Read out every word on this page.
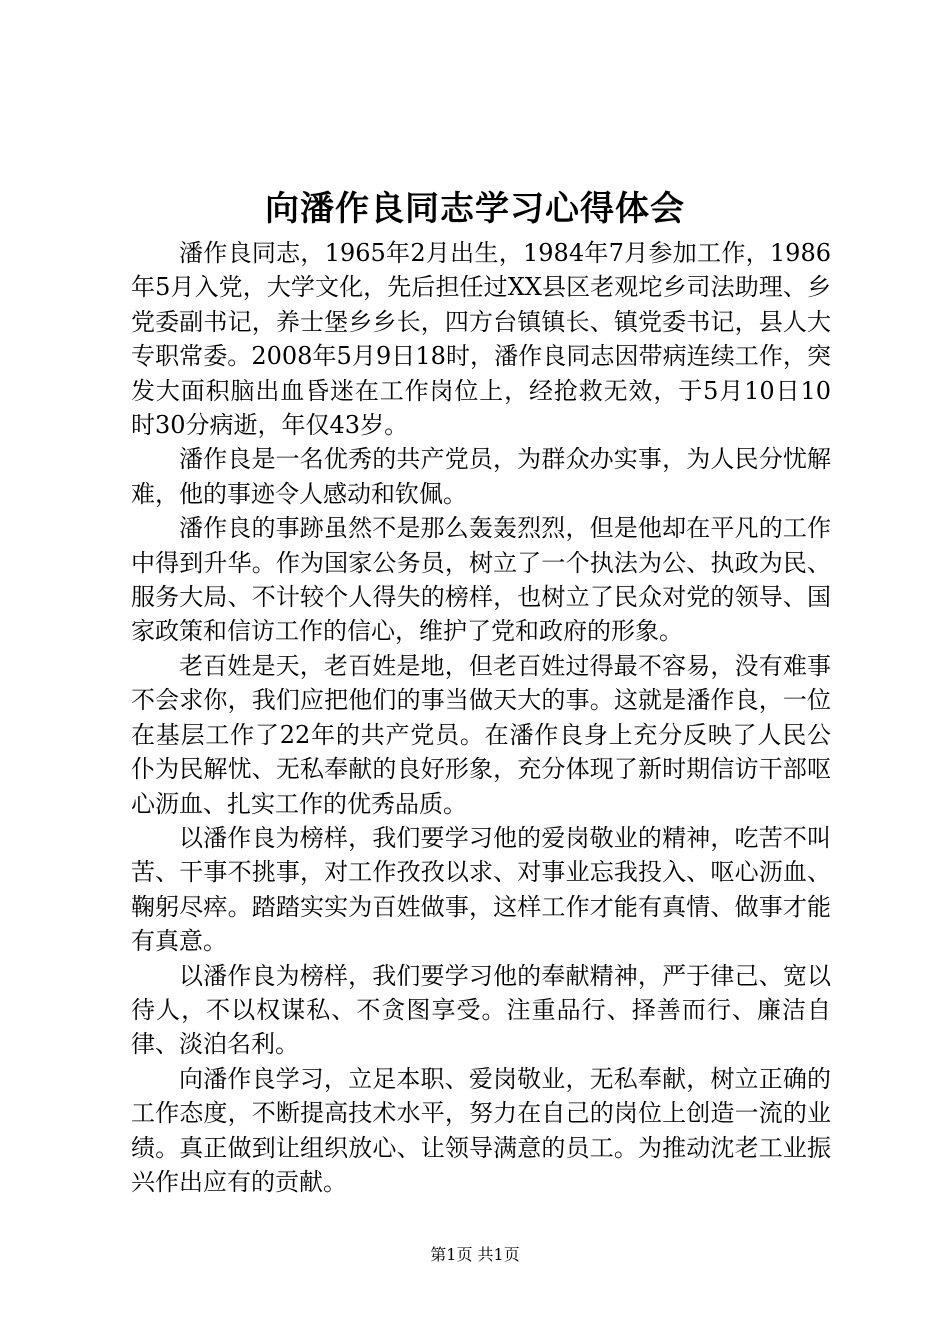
向潘作良同志学习心得体会

潘作良同志，1965年2月出生，1984年7月参加工作，1986年5月入党，大学文化，先后担任过XX县区老观坨乡司法助理、乡党委副书记，养士堡乡乡长，四方台镇镇长、镇党委书记，县人大专职常委。2008年5月9日18时，潘作良同志因带病连续工作，突发大面积脑出血昏迷在工作岗位上，经抢救无效，于5月10日10时30分病逝，年仅43岁。

潘作良是一名优秀的共产党员，为群众办实事，为人民分忧解难，他的事迹令人感动和钦佩。

潘作良的事跡虽然不是那么轰轰烈烈，但是他却在平凡的工作中得到升华。作为国家公务员，树立了一个执法为公、执政为民、服务大局、不计较个人得失的榜样，也树立了民众对党的领导、国家政策和信访工作的信心，维护了党和政府的形象。

老百姓是天，老百姓是地，但老百姓过得最不容易，没有难事不会求你，我们应把他们的事当做天大的事。这就是潘作良，一位在基层工作了22年的共产党员。在潘作良身上充分反映了人民公仆为民解忧、无私奉献的良好形象，充分体现了新时期信访干部呕心沥血、扎实工作的优秀品质。

以潘作良为榜样，我们要学习他的爱岗敬业的精神，吃苦不叫苦、干事不挑事，对工作孜孜以求、对事业忘我投入、呕心沥血、鞠躬尽瘁。踏踏实实为百姓做事，这样工作才能有真情、做事才能有真意。

以潘作良为榜样，我们要学习他的奉献精神，严于律己、宽以待人，不以权谋私、不贪图享受。注重品行、择善而行、廉洁自律、淡泊名利。

向潘作良学习，立足本职、爱岗敬业，无私奉献，树立正确的工作态度，不断提高技术水平，努力在自己的岗位上创造一流的业绩。真正做到让组织放心、让领导满意的员工。为推动沈老工业振兴作出应有的贡献。

第1页 共1页
